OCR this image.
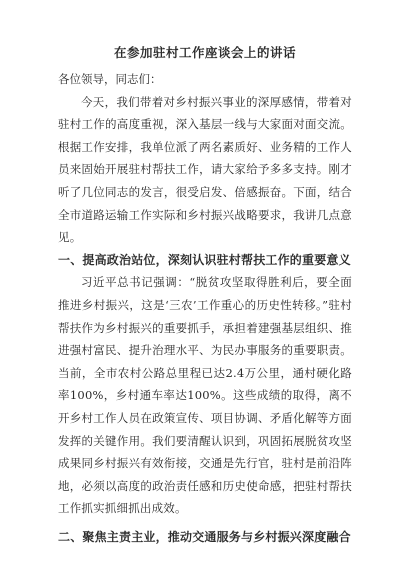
在参加驻村工作座谈会上的讲话

各位领导，同志们：

今天，我们带着对乡村振兴事业的深厚感情，带着对驻村工作的高度重视，深入基层一线与大家面对面交流。根据工作安排，我单位派了两名素质好、业务精的工作人员来固始开展驻村帮扶工作，请大家给予多多支持。刚才听了几位同志的发言，很受启发、倍感振奋。下面，结合全市道路运输工作实际和乡村振兴战略要求，我讲几点意见。

一、提高政治站位，深刻认识驻村帮扶工作的重要意义

习近平总书记强调：“脱贫攻坚取得胜利后，要全面推进乡村振兴，这是‘三农’工作重心的历史性转移。”驻村帮扶作为乡村振兴的重要抓手，承担着建强基层组织、推进强村富民、提升治理水平、为民办事服务的重要职责。当前，全市农村公路总里程已达2.4万公里，通村硬化路率100%，乡村通车率达100%。这些成绩的取得，离不开乡村工作人员在政策宣传、项目协调、矛盾化解等方面发挥的关键作用。我们要清醒认识到，巩固拓展脱贫攻坚成果同乡村振兴有效衔接，交通是先行官，驻村是前沿阵地，必须以高度的政治责任感和历史使命感，把驻村帮扶工作抓实抓细抓出成效。

二、聚焦主责主业，推动交通服务与乡村振兴深度融合
